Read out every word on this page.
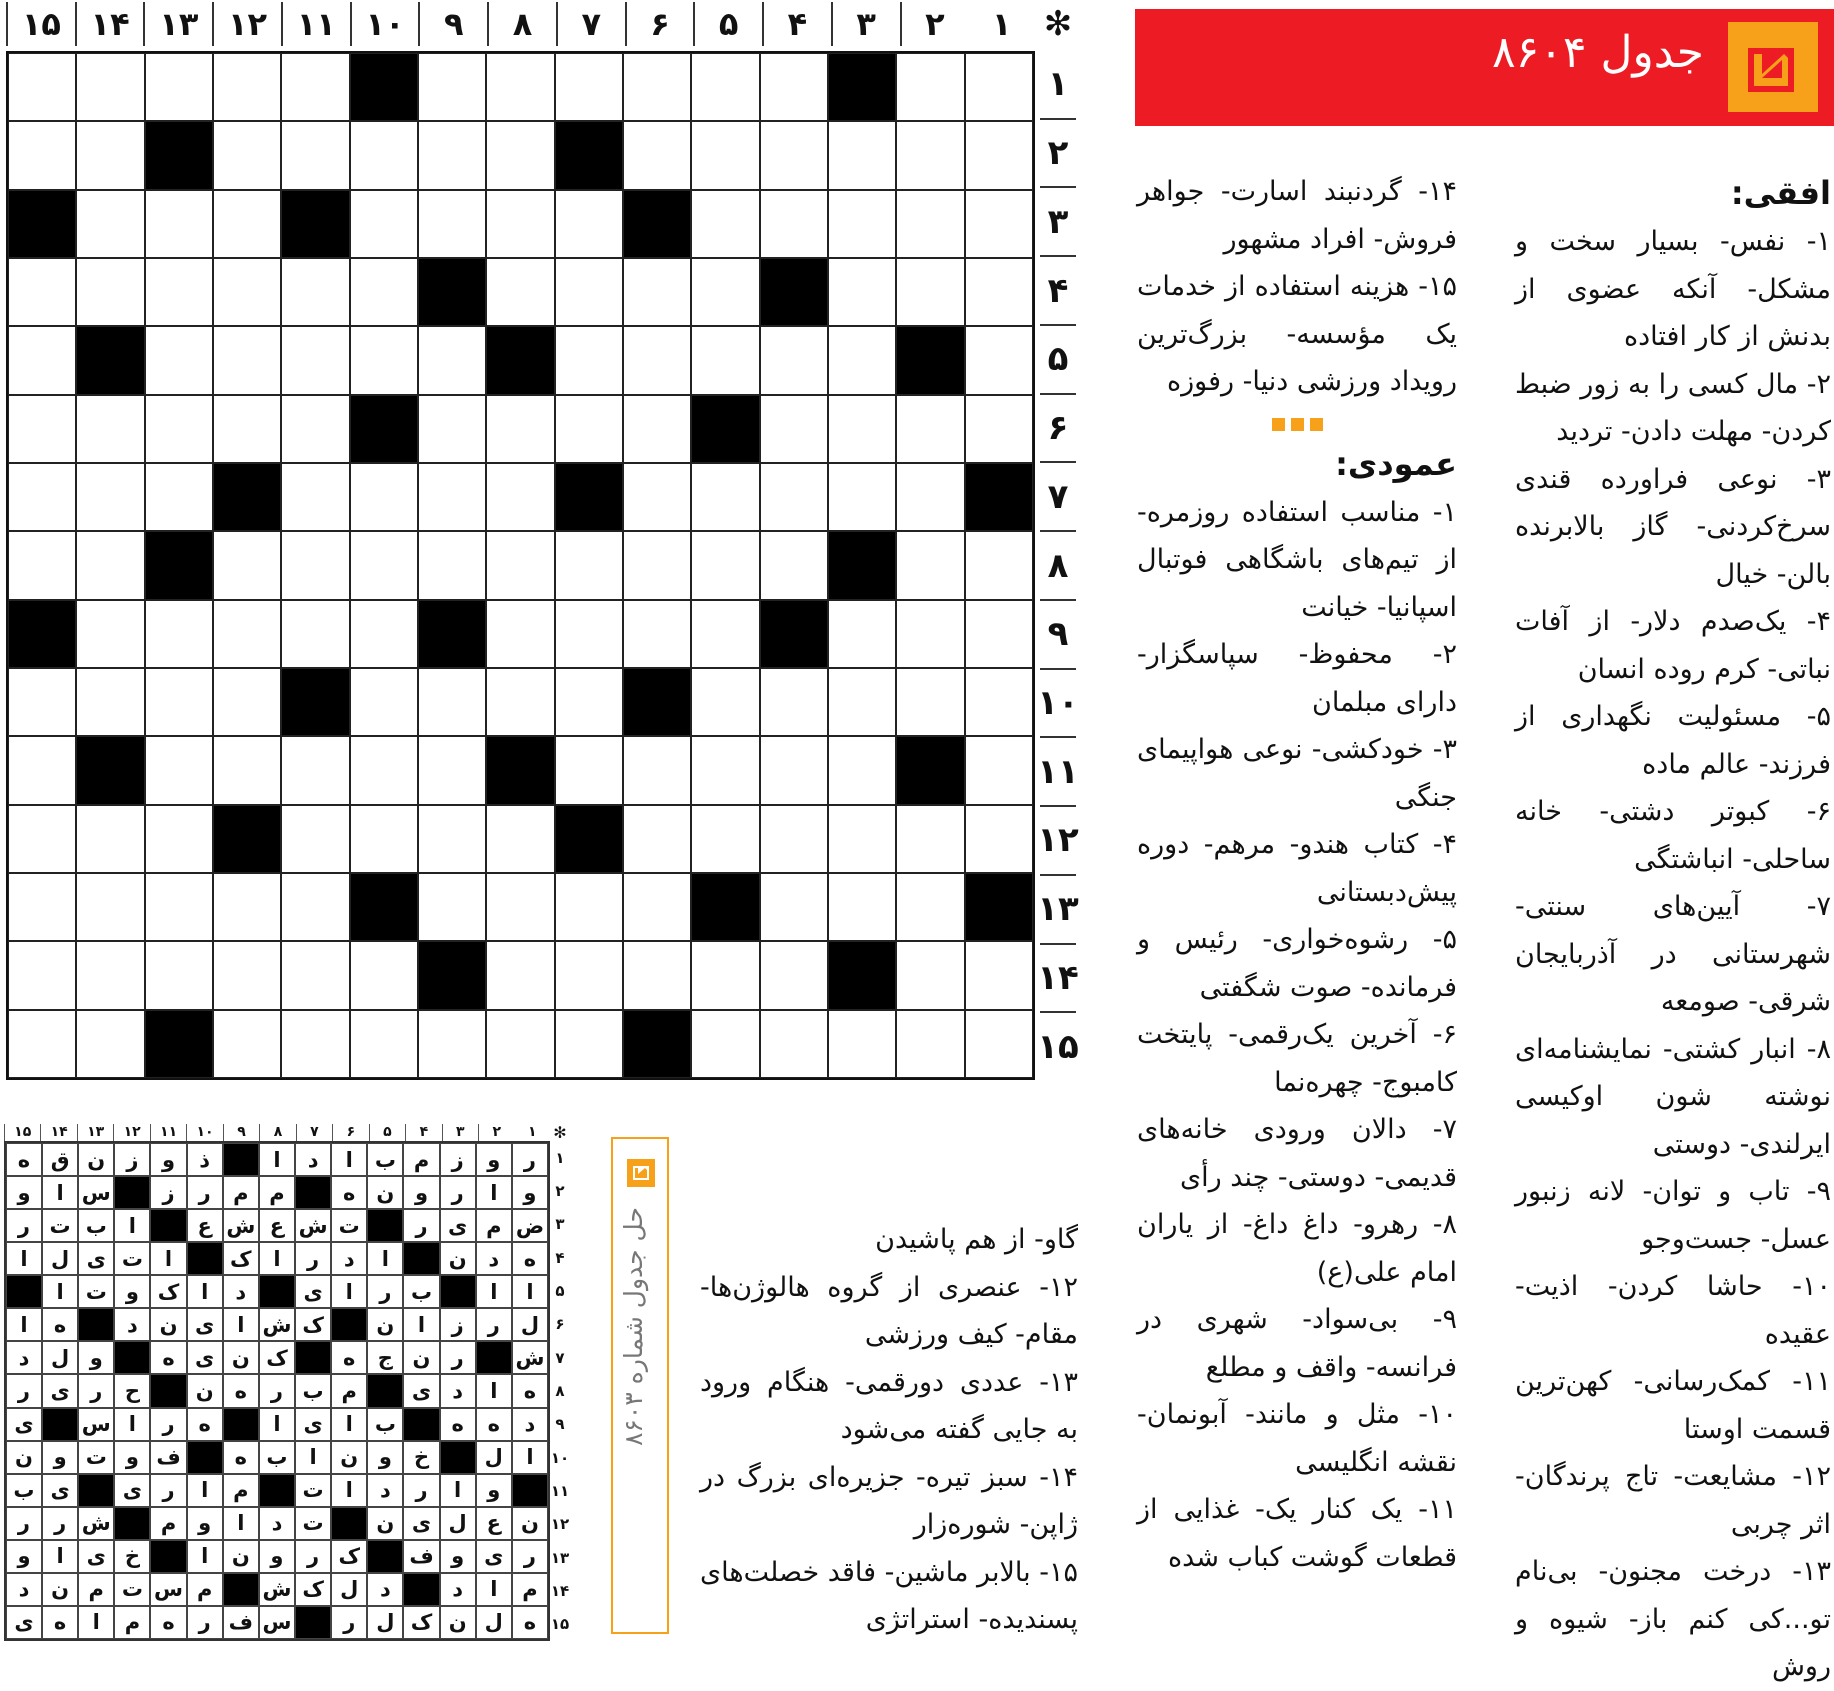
جدول ۸۶۰۴
۱
۲
۳
۴
۵
۶
۷
۸
۹
۱۰
۱۱
۱۲
۱۳
۱۴
۱۵	✻
۱
۲
۳
۴
۵
۶
۷
۸
۹
۱۰
۱۱
۱۲
۱۳
۱۴
۱۵
افقی:

۱- نفس- بسیار سخت و مشکل- آنکه عضوی از بدنش از کار افتاده

۲- مال کسی را به زور ضبط کردن- مهلت دادن- تردید

۳- نوعی فراورده قندی سرخ‌کردنی- گاز بالابرنده بالن- خیال

۴- یک‌صدم دلار- از آفات نباتی- کرم روده انسان

۵- مسئولیت نگهداری از فرزند- عالم ماده

۶- کبوتر دشتی- خانه ساحلی- انباشتگی

۷- آیین‌های سنتی- شهرستانی در آذربایجان شرقی- صومعه

۸- انبار کشتی- نمایشنامه‌ای نوشته شون اوکیسی ایرلندی- دوستی

۹- تاب و توان- لانه زنبور عسل- جست‌وجو

۱۰- حاشا کردن- اذیت- عقیده

۱۱- کمک‌رسانی- کهن‌ترین قسمت اوستا

۱۲- مشایعت- تاج پرندگان- اثر چربی

۱۳- درخت مجنون- بی‌نام تو...کی کنم باز- شیوه و روش

۱۴- گردنبند اسارت- جواهر فروش- افراد مشهور

۱۵- هزینه استفاده از خدمات یک مؤسسه- بزرگ‌ترین رویداد ورزشی دنیا- رفوزه

عمودی:

۱- مناسب استفاده روزمره- از تیم‌های باشگاهی فوتبال اسپانیا- خیانت

۲- محفوظ- سپاسگزار- دارای مبلمان

۳- خودکشی- نوعی هواپیمای جنگی

۴- کتاب هندو- مرهم- دوره پیش‌دبستانی

۵- رشوه‌خواری- رئیس و فرمانده- صوت شگفتی

۶- آخرین یک‌رقمی- پایتخت کامبوج- چهره‌نما

۷- دالان ورودی خانه‌های قدیمی- دوستی- چند رأی

۸- رهرو- داغ داغ- از یاران امام علی(ع)

۹- بی‌سواد- شهری در فرانسه- واقف و مطلع

۱۰- مثل و مانند- آبونمان- نقشه انگلیسی

۱۱- یک کنار یک- غذایی از قطعات گوشت کباب شده

گاو- از هم پاشیدن

۱۲- عنصری از گروه هالوژن‌ها- مقام- کیف ورزشی

۱۳- عددی دورقمی- هنگام ورود به جایی گفته می‌شود

۱۴- سبز تیره- جزیره‌ای بزرگ در ژاپن- شوره‌زار

۱۵- بالابر ماشین- فاقد خصلت‌های پسندیده- استراتژی

حل جدول شماره ۸۶۰۳
۱
۲
۳
۴
۵
۶
۷
۸
۹
۱۰
۱۱
۱۲
۱۳
۱۴
۱۵	✻
ر
و
ز
م
ب
ا
د
ا
#
ذ
و
ز
ن
ق
ه
و
ا
ر
و
ن
ه
#
م
م
ر
ز
#
س
ا
و
ض
م
ی
ر
#
ت
ش
ع
ش
ع
#
ا
ب
ت
ر
ه
د
ن
#
ا
د
ر
ا
ک
#
ا
ت
ی
ل
ا
ا
ا
#
ب
ر
ا
ی
#
د
ا
ک
و
ت
ا
#
ل
ر
ز
ا
ن
#
ک
ش
ا
ی
ن
د
#
ه
ا
ش
#
ر
ن
ج
ه
#
ک
ن
ی
ه
#
و
ل
د
ه
ا
د
ی
#
م
ب
ر
ه
ن
#
ح
ر
ی
ر
د
ه
ه
#
ب
ا
ی
ا
#
ه
ر
ا
س
#
ی
ا
ل
#
خ
و
ن
ا
ب
ه
#
ف
و
ت
و
ن
#
و
ا
ر
د
ا
ت
#
م
ا
ر
ی
#
ی
ب
ن
ع
ل
ی
ن
#
ت
د
ا
و
م
#
ش
ر
ر
ر
ی
و
ف
#
ک
ر
و
ن
ا
#
خ
ی
ا
و
م
ا
د
#
د
ل
ک
ش
#
م
س
ت
م
ن
د
ه
ل
ن
ک
ل
ر
#
س
ف
ر
ه
م
ا
ه
ی
۱
۲
۳
۴
۵
۶
۷
۸
۹
۱۰
۱۱
۱۲
۱۳
۱۴
۱۵
